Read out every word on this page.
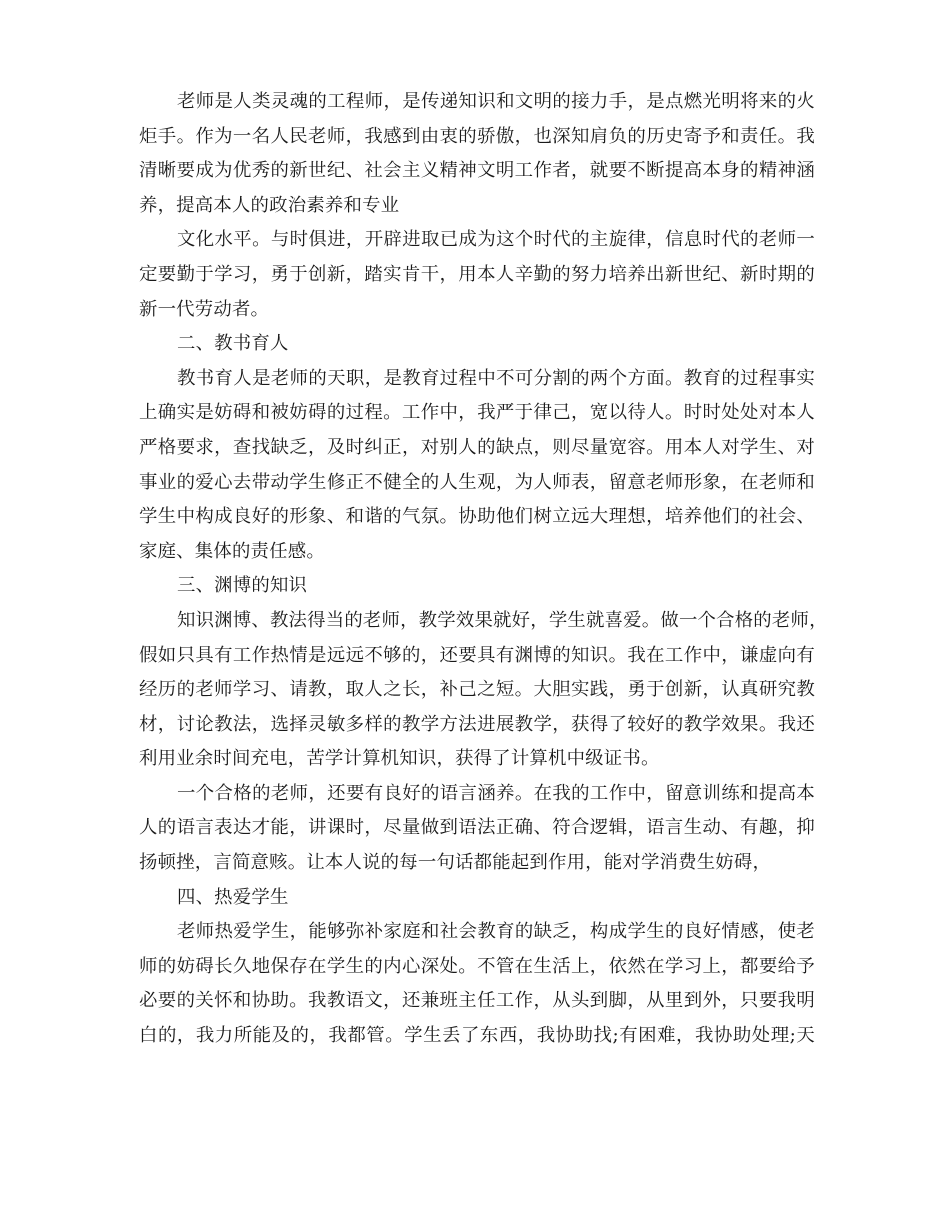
老师是人类灵魂的工程师，是传递知识和文明的接力手，是点燃光明将来的火
炬手。作为一名人民老师，我感到由衷的骄傲，也深知肩负的历史寄予和责任。我
清晰要成为优秀的新世纪、社会主义精神文明工作者，就要不断提高本身的精神涵
养，提高本人的政治素养和专业
文化水平。与时俱进，开辟进取已成为这个时代的主旋律，信息时代的老师一
定要勤于学习，勇于创新，踏实肯干，用本人辛勤的努力培养出新世纪、新时期的
新一代劳动者。
二、教书育人
教书育人是老师的天职，是教育过程中不可分割的两个方面。教育的过程事实
上确实是妨碍和被妨碍的过程。工作中，我严于律己，宽以待人。时时处处对本人
严格要求，查找缺乏，及时纠正，对别人的缺点，则尽量宽容。用本人对学生、对
事业的爱心去带动学生修正不健全的人生观，为人师表，留意老师形象，在老师和
学生中构成良好的形象、和谐的气氛。协助他们树立远大理想，培养他们的社会、
家庭、集体的责任感。
三、渊博的知识
知识渊博、教法得当的老师，教学效果就好，学生就喜爱。做一个合格的老师，
假如只具有工作热情是远远不够的，还要具有渊博的知识。我在工作中，谦虚向有
经历的老师学习、请教，取人之长，补己之短。大胆实践，勇于创新，认真研究教
材，讨论教法，选择灵敏多样的教学方法进展教学，获得了较好的教学效果。我还
利用业余时间充电，苦学计算机知识，获得了计算机中级证书。
一个合格的老师，还要有良好的语言涵养。在我的工作中，留意训练和提高本
人的语言表达才能，讲课时，尽量做到语法正确、符合逻辑，语言生动、有趣，抑
扬顿挫，言简意赅。让本人说的每一句话都能起到作用，能对学消费生妨碍，
四、热爱学生
老师热爱学生，能够弥补家庭和社会教育的缺乏，构成学生的良好情感，使老
师的妨碍长久地保存在学生的内心深处。不管在生活上，依然在学习上，都要给予
必要的关怀和协助。我教语文，还兼班主任工作，从头到脚，从里到外，只要我明
白的，我力所能及的，我都管。学生丢了东西，我协助找;有困难，我协助处理;天
